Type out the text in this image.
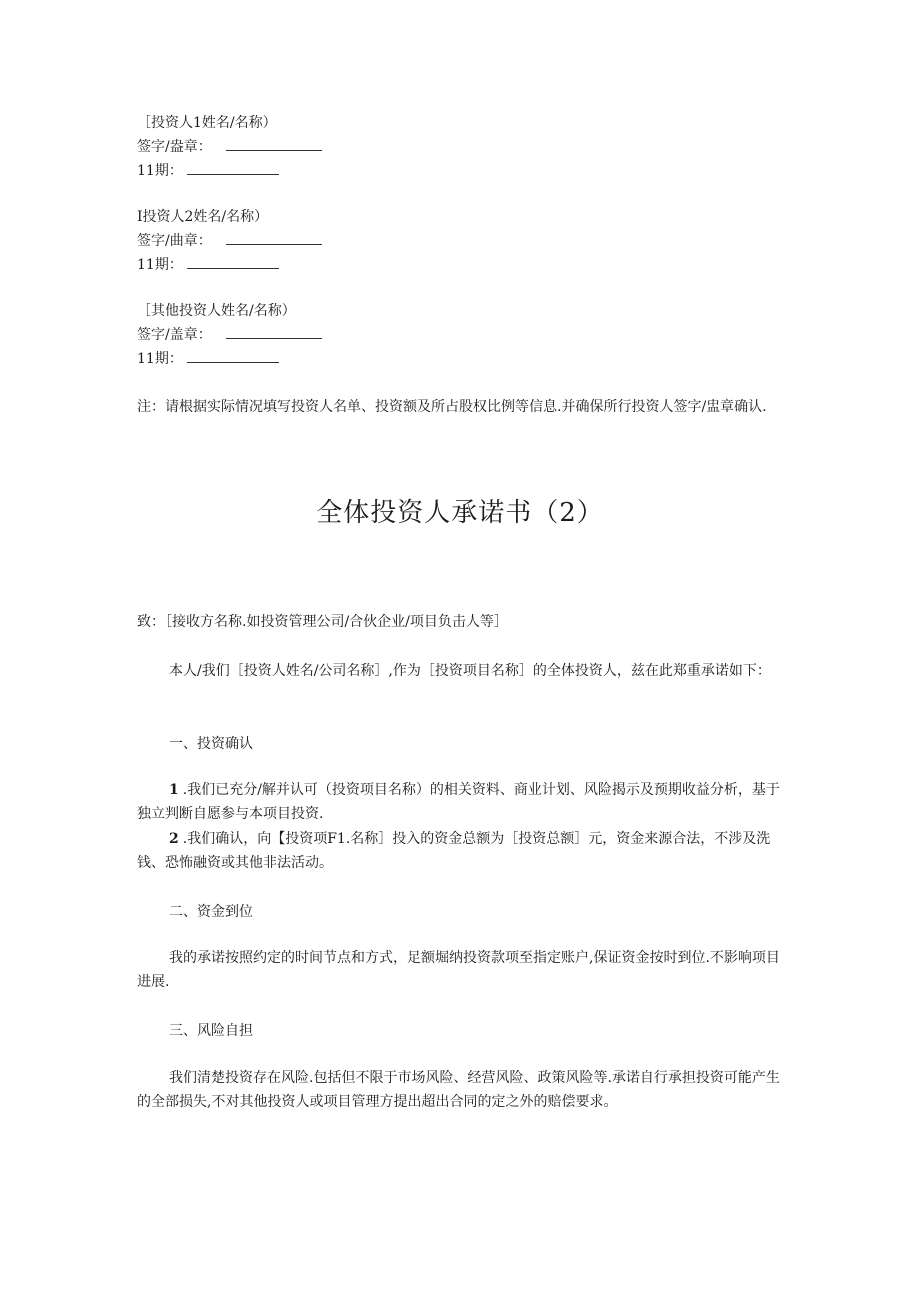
［投资人1姓名/名称）
签字/盎章：
11期：
I投资人2姓名/名称）
签字/曲章：
11期：
［其他投资人姓名/名称）
签字/盖章：
11期：
注：请根据实际情况填写投资人名单、投资额及所占股权比例等信息.并确保所行投资人签字/盅章确认.
全体投资人承诺书（2）
致：［接收方名称.如投资管理公司/合伙企业/项目负击人等］
本人/我们［投资人姓名/公司名称］,作为［投资项目名称］的全体投资人，兹在此郑重承诺如下：
一、投资确认
1 .我们已充分/解并认可（投资项目名称）的相关资料、商业计划、风险揭示及预期收益分析，基于独立判断自愿参与本项目投资.
2 .我们确认，向【投资项F1.名称］投入的资金总额为［投资总额］元，资金来源合法，不涉及洗钱、恐怖融资或其他非法活动。
二、资金到位
我的承诺按照约定的时间节点和方式，足额堀纳投资款项至指定账户,保证资金按时到位.不影响项目进展.
三、风险自担
我们清楚投资存在风险.包括但不限于市场风险、经营风险、政策风险等.承诺自行承担投资可能产生的全部损失,不对其他投资人或项目管理方提出超出合同的定之外的赔偿要求。
